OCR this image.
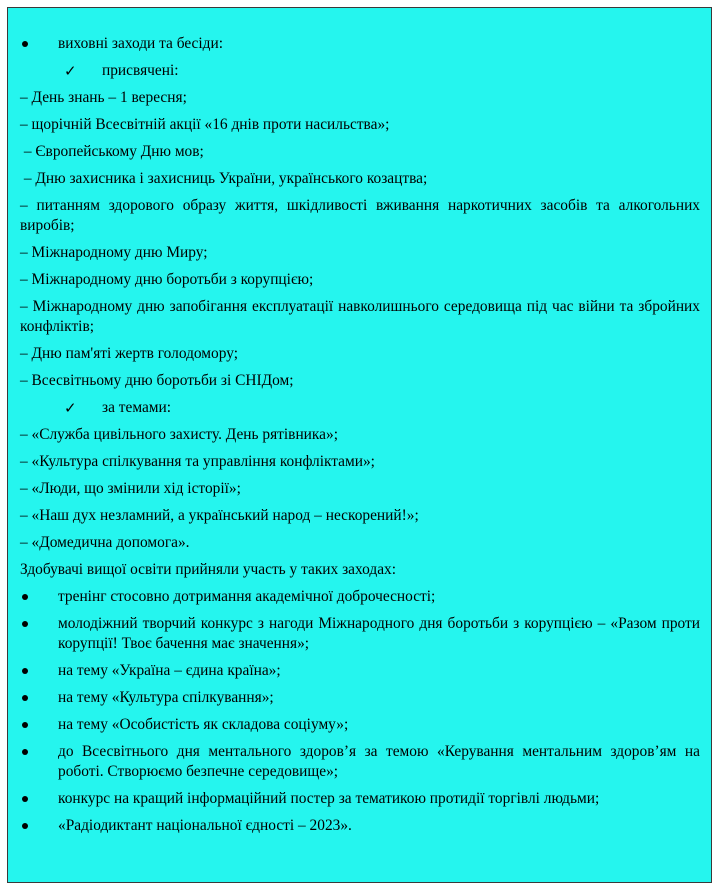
виховні заходи та бесіди:
✓ присвячені:
– День знань – 1 вересня;
– щорічній Всесвітній акції «16 днів проти насильства»;
– Європейському Дню мов;
– Дню захисника і захисниць України, українського козацтва;
– питанням здорового образу життя, шкідливості вживання наркотичних засобів та алкогольних виробів;
– Міжнародному дню Миру;
– Міжнародному дню боротьби з корупцією;
– Міжнародному дню запобігання експлуатації навколишнього середовища під час війни та збройних конфліктів;
– Дню пам'яті жертв голодомору;
– Всесвітньому дню боротьби зі СНІДом;
✓ за темами:
– «Служба цивільного захисту. День рятівника»;
– «Культура спілкування та управління конфліктами»;
– «Люди, що змінили хід історії»;
– «Наш дух незламний, а український народ – нескорений!»;
– «Домедична допомога».
Здобувачі вищої освіти прийняли участь у таких заходах:
тренінг стосовно дотримання академічної доброчесності;
молодіжний творчий конкурс з нагоди Міжнародного дня боротьби з корупцією – «Разом проти корупції! Твоє бачення має значення»;
на тему «Україна – єдина країна»;
на тему «Культура спілкування»;
на тему «Особистість як складова соціуму»;
до Всесвітнього дня ментального здоров’я за темою «Керування ментальним здоров’ям на роботі. Створюємо безпечне середовище»;
конкурс на кращий інформаційний постер за тематикою протидії торгівлі людьми;
«Радіодиктант національної єдності – 2023».
